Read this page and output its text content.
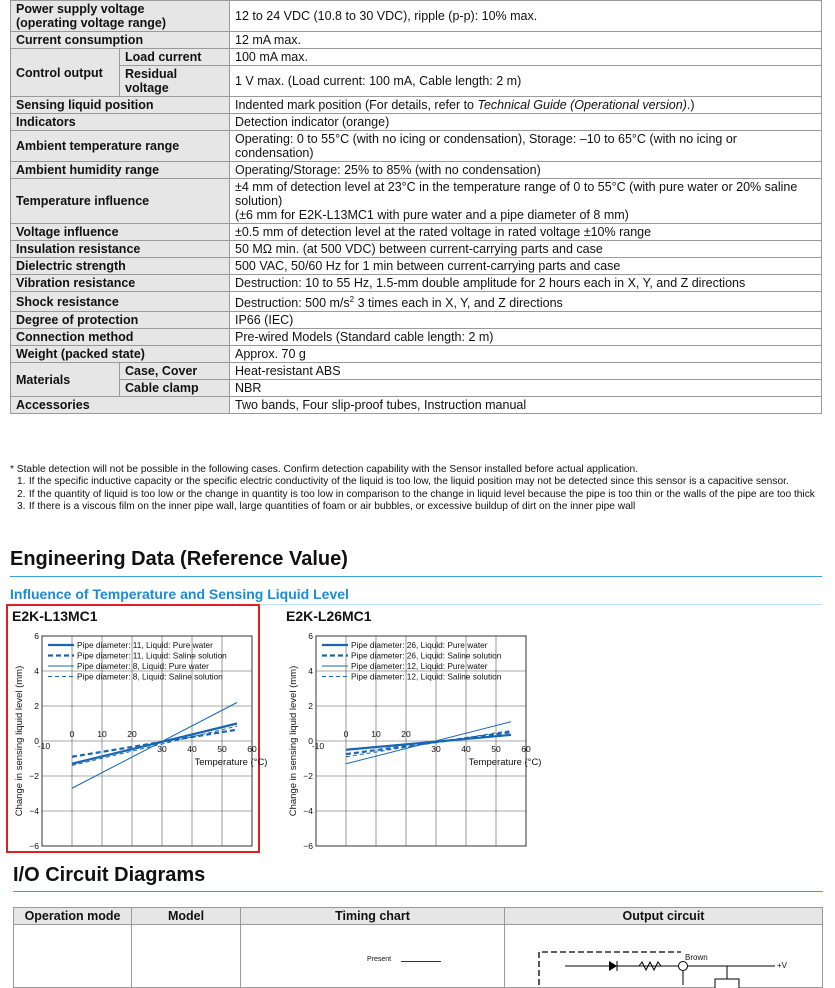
Power supply voltage
(operating voltage range)		12 to 24 VDC (10.8 to 30 VDC), ripple (p-p): 10% max.
Current consumption		12 mA max.
Control output	Load current	100 mA max.
	Residual voltage	1 V max. (Load current: 100 mA, Cable length: 2 m)
Sensing liquid position		Indented mark position (For details, refer to Technical Guide (Operational version).)
Indicators		Detection indicator (orange)
Ambient temperature range		Operating: 0 to 55°C (with no icing or condensation), Storage: –10 to 65°C (with no icing or condensation)
Ambient humidity range		Operating/Storage: 25% to 85% (with no condensation)
Temperature influence		±4 mm of detection level at 23°C in the temperature range of 0 to 55°C (with pure water or 20% saline solution)
(±6 mm for E2K-L13MC1 with pure water and a pipe diameter of 8 mm)
Voltage influence		±0.5 mm of detection level at the rated voltage in rated voltage ±10% range
Insulation resistance		50 MΩ min. (at 500 VDC) between current-carrying parts and case
Dielectric strength		500 VAC, 50/60 Hz for 1 min between current-carrying parts and case
Vibration resistance		Destruction: 10 to 55 Hz, 1.5-mm double amplitude for 2 hours each in X, Y, and Z directions
Shock resistance		Destruction: 500 $m/s^2$ 3 times each in X, Y, and Z directions
Degree of protection		IP66 (IEC)
Connection method		Pre-wired Models (Standard cable length: 2 m)
Weight (packed state)		Approx. 70 g
Materials	Case, Cover	Heat-resistant ABS
	Cable clamp	NBR
Accessories		Two bands, Four slip-proof tubes, Instruction manual
* Stable detection will not be possible in the following cases. Confirm detection capability with the Sensor installed before actual application.
1. If the specific inductive capacity or the specific electric conductivity of the liquid is too low, the liquid position may not be detected since this sensor is a capacitive sensor.
2. If the quantity of liquid is too low or the change in quantity is too low in comparison to the change in liquid level because the pipe is too thin or the walls of the pipe are too thick
3. If there is a viscous film on the inner pipe wall, large quantities of foam or air bubbles, or excessive buildup of dirt on the inner pipe wall
Engineering Data (Reference Value)
Influence of Temperature and Sensing Liquid Level
E2K-L13MC1	E2K-L26MC1
6
4
2
0
−2
−4
−6
-10
0	10 20
30 40 50 60
Temperature (°C)
Change in sensing liquid level (mm)
Pipe diameter: 11, Liquid: Pure water
Pipe diameter: 11, Liquid: Saline solution
Pipe diameter: 8, Liquid: Pure water
Pipe diameter: 8, Liquid: Saline solution
6
4
2
0
−2
−4
−6
-10
0	10 20
30 40 50 60
Temperature (°C)
Change in sensing liquid level (mm)
Pipe diameter: 26, Liquid: Pure water
Pipe diameter: 26, Liquid: Saline solution
Pipe diameter: 12, Liquid: Pure water
Pipe diameter: 12, Liquid: Saline solution
I/O Circuit Diagrams
Operation mode	Model	Timing chart	Output circuit

		Present	Brown
+V
